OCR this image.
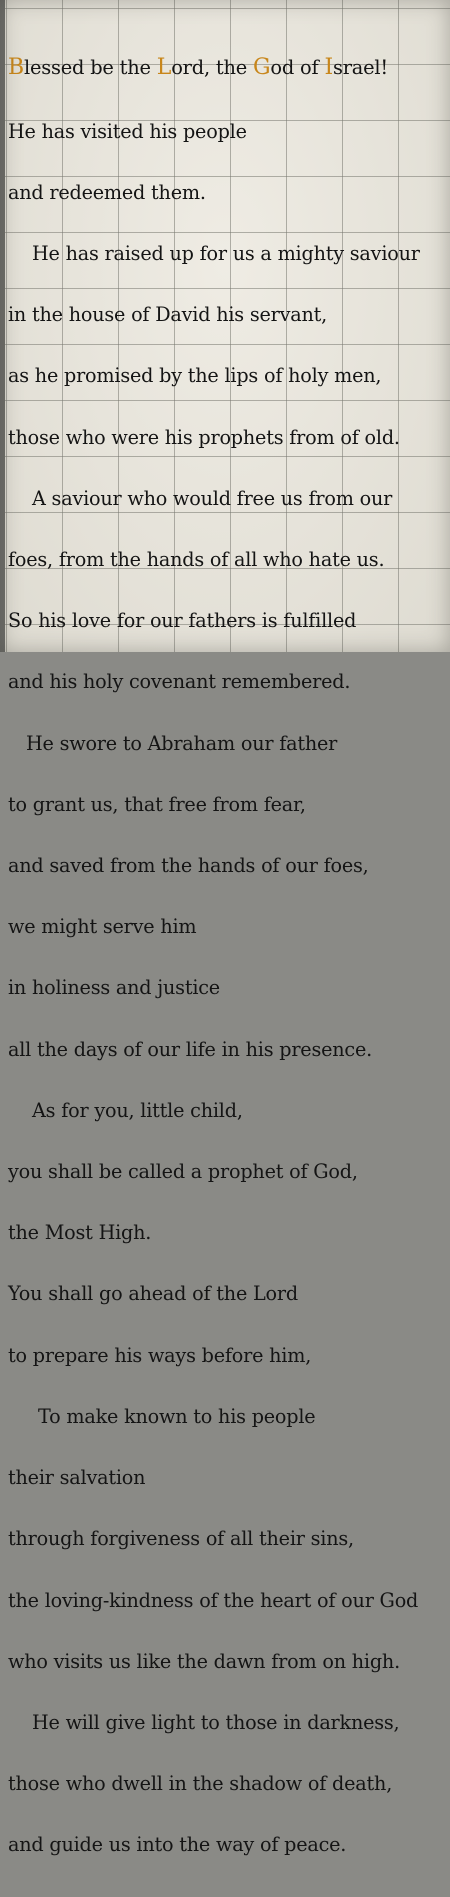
Blessed be the Lord, the God of Israel!

He has visited his people

and redeemed them.

He has raised up for us a mighty saviour

in the house of David his servant,

as he promised by the lips of holy men,

those who were his prophets from of old.

A saviour who would free us from our

foes, from the hands of all who hate us.

So his love for our fathers is fulfilled

and his holy covenant remembered.

He swore to Abraham our father

to grant us, that free from fear,

and saved from the hands of our foes,

we might serve him

in holiness and justice

all the days of our life in his presence.

As for you, little child,

you shall be called a prophet of God,

the Most High.

You shall go ahead of the Lord

to prepare his ways before him,

To make known to his people

their salvation

through forgiveness of all their sins,

the loving-kindness of the heart of our God

who visits us like the dawn from on high.

He will give light to those in darkness,

those who dwell in the shadow of death,

and guide us into the way of peace.
